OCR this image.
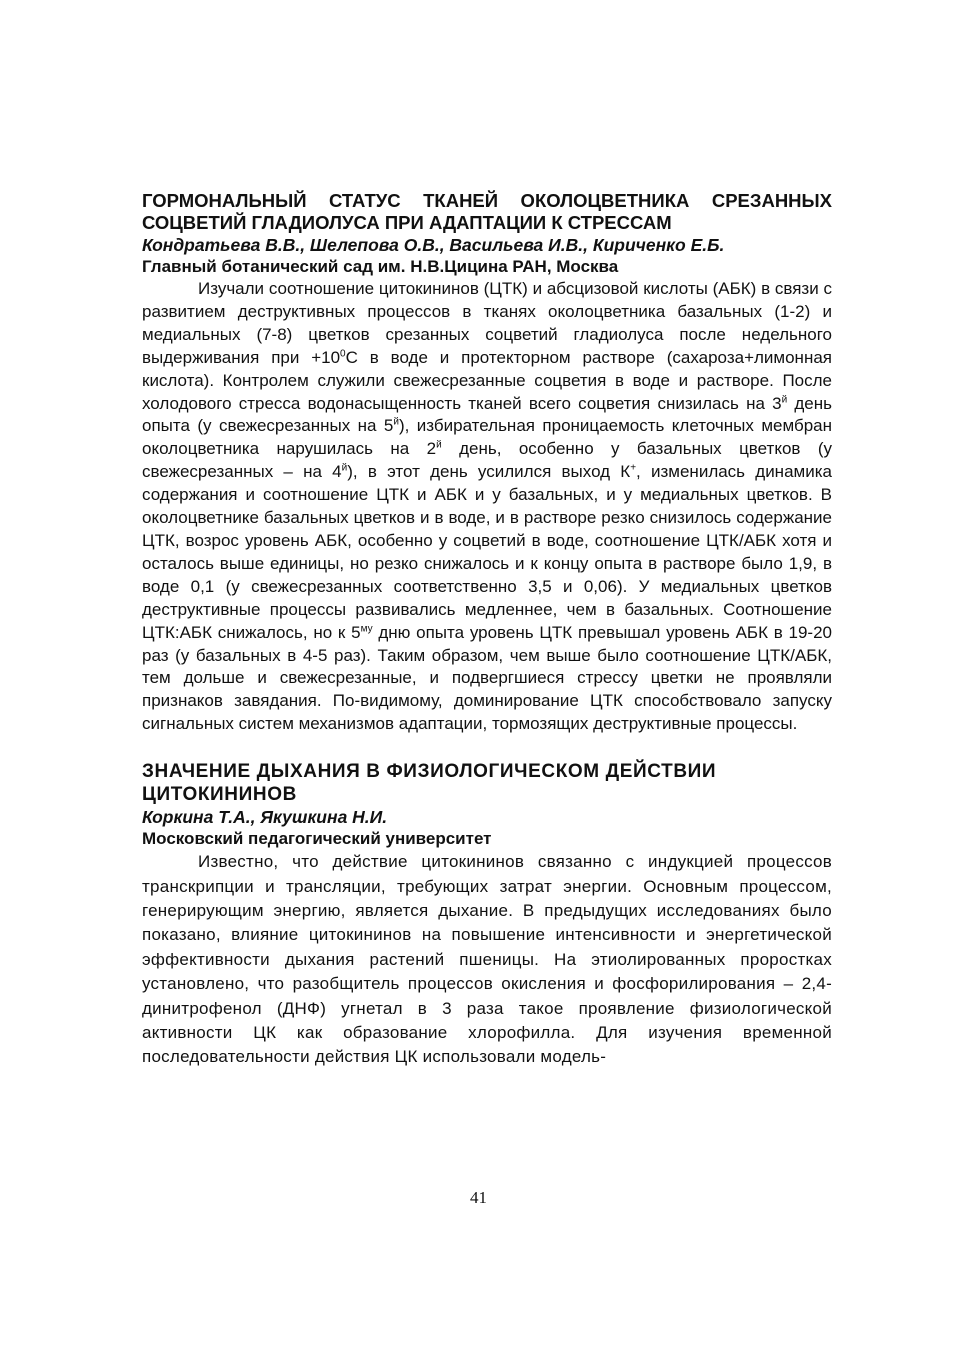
ГОРМОНАЛЬНЫЙ СТАТУС ТКАНЕЙ ОКОЛОЦВЕТНИКА СРЕЗАННЫХ СОЦВЕТИЙ ГЛАДИОЛУСА ПРИ АДАПТАЦИИ К СТРЕССАМ

Кондратьева В.В., Шелепова О.В., Васильева И.В., Кириченко Е.Б.

Главный ботанический сад им. Н.В.Цицина РАН, Москва

Изучали соотношение цитокининов (ЦТК) и абсцизовой кислоты (АБК) в связи с развитием деструктивных процессов в тканях околоцветника базальных (1-2) и медиальных (7-8) цветков срезанных соцветий гладиолуса после недельного выдерживания при $+10^0С$ в воде и протекторном растворе (сахароза+лимонная кислота). Контролем служили свежесрезанные соцветия в воде и растворе. После холодового стресса водонасыщенность тканей всего соцветия снизилась на $3^й$ день опыта (у свежесрезанных на $5^й$), избирательная проницаемость клеточных мембран околоцветника нарушилась на $2^й$ день, особенно у базальных цветков (у свежесрезанных – на $4^й$), в этот день усилился выход К+, изменилась динамика содержания и соотношение ЦТК и АБК и у базальных, и у медиальных цветков. В околоцветнике базальных цветков и в воде, и в растворе резко снизилось содержание ЦТК, возрос уровень АБК, особенно у соцветий в воде, соотношение ЦТК/АБК хотя и осталось выше единицы, но резко снижалось и к концу опыта в растворе было 1,9, в воде 0,1 (у свежесрезанных соответственно 3,5 и 0,06). У медиальных цветков деструктивные процессы развивались медленнее, чем в базальных. Соотношение ЦТК:АБК снижалось, но к $5^{му}$ дню опыта уровень ЦТК превышал уровень АБК в 19-20 раз (у базальных в 4-5 раз). Таким образом, чем выше было соотношение ЦТК/АБК, тем дольше и свежесрезанные, и подвергшиеся стрессу цветки не проявляли признаков завядания. По-видимому, доминирование ЦТК способствовало запуску сигнальных систем механизмов адаптации, тормозящих деструктивные процессы.

ЗНАЧЕНИЕ ДЫХАНИЯ В ФИЗИОЛОГИЧЕСКОМ ДЕЙСТВИИ ЦИТОКИНИНОВ

Коркина Т.А., Якушкина Н.И.

Московский педагогический университет

Известно, что действие цитокининов связанно с индукцией процессов транскрипции и трансляции, требующих затрат энергии. Основным процессом, генерирующим энергию, является дыхание. В предыдущих исследованиях было показано, влияние цитокининов на повышение интенсивности и энергетической эффективности дыхания растений пшеницы. На этиолированных проростках установлено, что разобщитель процессов окисления и фосфорилирования – 2,4-динитрофенол (ДНФ) угнетал в 3 раза такое проявление физиологической активности ЦК как образование хлорофилла. Для изучения временной последовательности действия ЦК использовали модель-

41
